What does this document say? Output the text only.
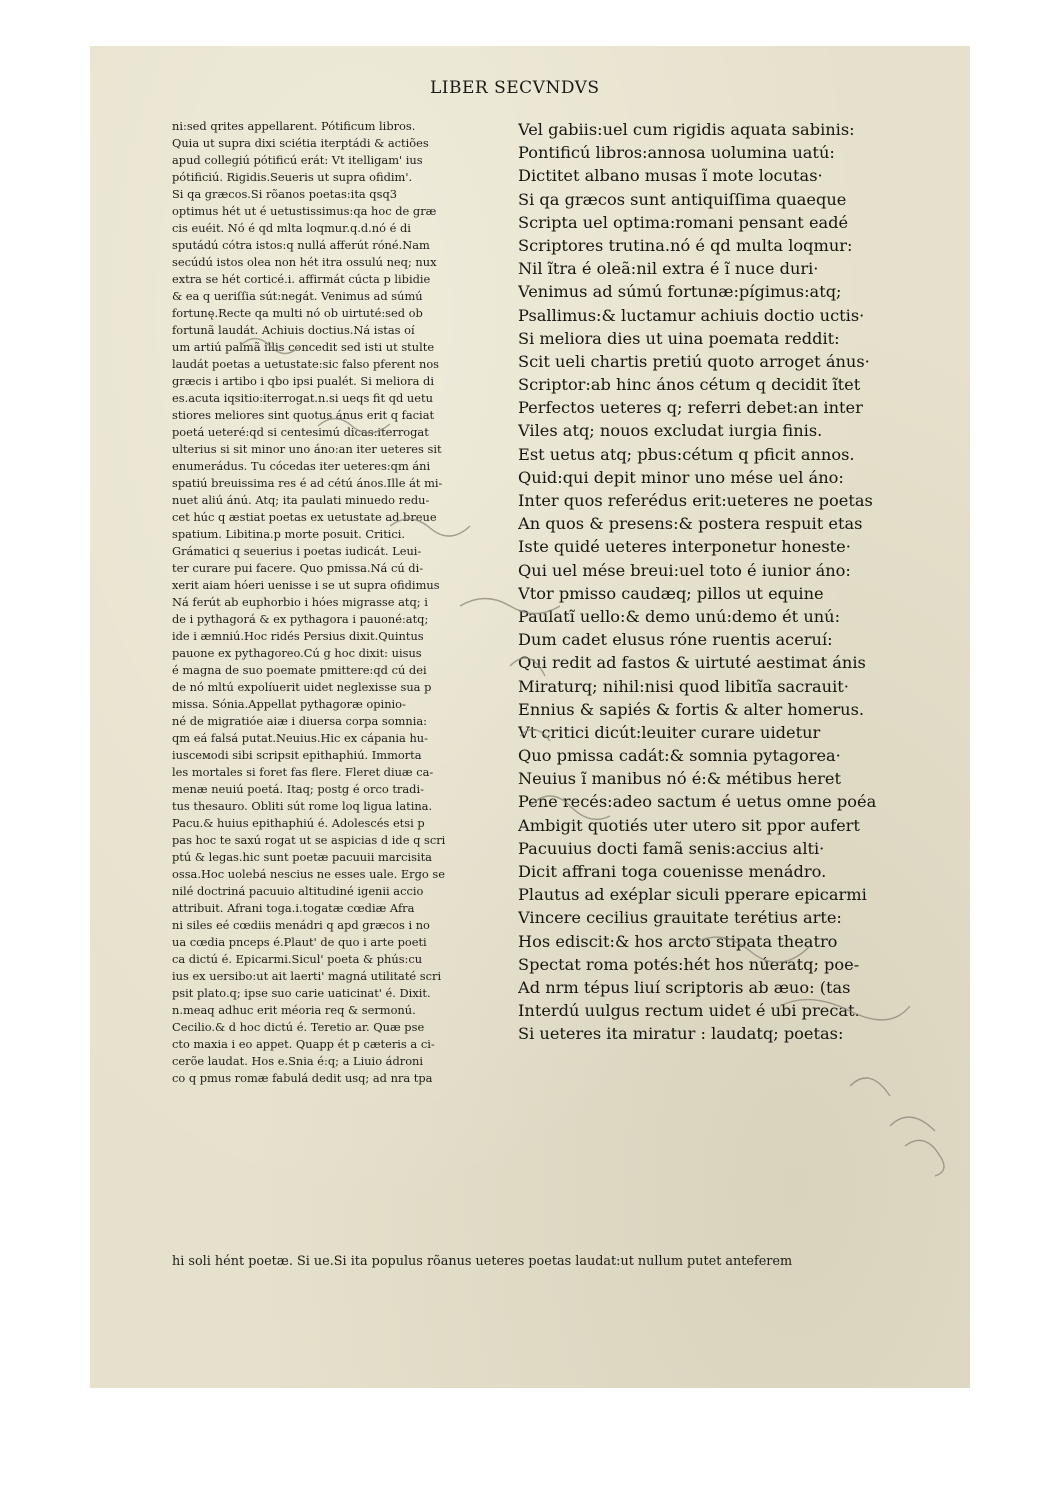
LIBER SECVNDVS
ni:sed qrites appellarent. Pótificum libros.
Quia ut supra dixi sciétia iterptádi & actiões
apud collegiú pótificú erát: Vt itelligam' ius
pótificiú. Rigidis.Seueris ut supra ofidim'.
Si qa græcos.Si rõanos poetas:ita qsq3
optimus hét ut é uetustissimus:qa hoc de græ
cis euéit. Nó é qd mlta loqmur.q.d.nó é di
sputádú cótra istos:q nullá afferút róné.Nam
secúdú istos olea non hét itra ossulú neq; nux
extra se hét corticé.i. affirmát cúcta p libidie
& ea q ueriſſia sút:negát. Venimus ad súmú
fortunę.Recte qa multi nó ob uirtuté:sed ob
fortunã laudát. Achiuis doctius.Ná istas oí
um artiú palmã illis concedit sed isti ut stulte
laudát poetas a uetustate:sic falso pferent nos
græcis i artibo i qbo ipsi pualét. Si meliora di
es.acuta iqsitio:iterrogat.n.si ueqs fit qd uetu
stiores meliores sint quotus ánus erit q faciat
poetá ueteré:qd si centesimú dicas:iterrogat
ulterius si sit minor uno áno:an iter ueteres sit
enumerádus. Tu cócedas iter ueteres:qm áni
spatiú breuissima res é ad cétú ános.Ille át mi-
nuet aliú ánú. Atq; ita paulati minuedo redu-
cet húc q æstiat poetas ex uetustate ad breue
spatium. Libitina.p morte posuit. Critici.
Grámatici q seuerius i poetas iudicát. Leui-
ter curare pui facere. Quo pmissa.Ná cú di-
xerit aiam hóeri uenisse i se ut supra ofidimus
Ná ferút ab euphorbio i hóes migrasse atq; i
de i pythagorá & ex pythagora i pauoné:atq;
ide i æmniú.Hoc ridés Persius dixit.Quintus
pauone ex pythagoreo.Cú g hoc dixit: uisus
é magna de suo poemate pmittere:qd cú dei
de nó mltú expolíuerit uidet neglexisse sua p
missa. Sónia.Appellat pythagoræ opinio-
né de migratióe aiæ i diuersa corpa somnia:
qm eá falsá putat.Neuius.Hic ex cápania hu-
iusceмodi sibi scripsit epithaphiú. Immorta
les mortales si foret fas flere. Fleret diuæ ca-
menæ neuiú poetá. Itaq; postg é orco tradi-
tus thesauro. Obliti sút rome loq ligua latina.
Pacu.& huius epithaphiú é. Adolescés etsi p
pas hoc te saxú rogat ut se aspicias d ide q scri
ptú & legas.hic sunt poetæ pacuuii marcisita
ossa.Hoc uolebá nescius ne esses uale. Ergo se
nilé doctriná pacuuio altitudiné igenii accio
attribuit. Afrani toga.i.togatæ cœdiæ Afra
ni siles eé cœdiis menádri q apd græcos i no
ua cœdia pnceps é.Plaut' de quo i arte poeti
ca dictú é. Epicarmi.Sicul' poeta & phús:cu
ius ex uersibo:ut ait laerti' magná utilitaté scri
psit plato.q; ipse suo carie uaticinat' é. Dixit.
n.meaq adhuc erit méoria req & sermonú.
Cecilio.& d hoc dictú é. Teretio ar. Quæ pse
cto maxia i eo appet. Quapp ét p cæteris a ci-
cerõe laudat. Hos e.Snia é:q; a Liuio ádroni
co q pmus romæ fabulá dedit usq; ad nra tpa
Vel gabiis:uel cum rigidis aquata sabinis:
Pontificú libros:annosa uolumina uatú:
Dictitet albano musas ĩ mote locutas·
Si qa græcos sunt antiquiſſima quaeque
Scripta uel optima:romani pensant eadé
Scriptores trutina.nó é qd multa loqmur:
Nil ĩtra é oleã:nil extra é ĩ nuce duri·
Venimus ad súmú fortunæ:pígimus:atq;
Psallimus:& luctamur achiuis doctio uctis·
Si meliora dies ut uina poemata reddit:
Scit ueli chartis pretiú quoto arroget ánus·
Scriptor:ab hinc ános cétum q decidit ĩtet
Perfectos ueteres q; referri debet:an inter
Viles atq; nouos excludat iurgia finis.
Est uetus atq; pbus:cétum q pficit annos.
Quid:qui depit minor uno mése uel áno:
Inter quos referédus erit:ueteres ne poetas
An quos & presens:& postera respuit etas
Iste quidé ueteres interponetur honeste·
Qui uel mése breui:uel toto é iunior áno:
Vtor pmisso caudæq; pillos ut equine
Paulatĩ uello:& demo unú:demo ét unú:
Dum cadet elusus róne ruentis aceruí:
Qui redit ad fastos & uirtuté aestimat ánis
Miraturq; nihil:nisi quod libitĩa sacrauit·
Ennius & sapiés & fortis & alter homerus.
Vt critici dicút:leuiter curare uidetur
Quo pmissa cadát:& somnia pytagorea·
Neuius ĩ manibus nó é:& métibus heret
Pene recés:adeo sactum é uetus omne poéa
Ambigit quotiés uter utero sit ppor aufert
Pacuuius docti famã senis:accius alti·
Dicit affrani toga couenisse menádro.
Plautus ad exéplar siculi pperare epicarmi
Vincere cecilius grauitate terétius arte:
Hos ediscit:& hos arcto stipata theatro
Spectat roma potés:hét hos núeratq; poe-
Ad nrm tépus liuí scriptoris ab æuo: (tas
Interdú uulgus rectum uidet é ubi precat.
Si ueteres ita miratur : laudatq; poetas:
hi soli hént poetæ. Si ue.Si ita populus rõanus ueteres poetas laudat:ut nullum putet anteferem
